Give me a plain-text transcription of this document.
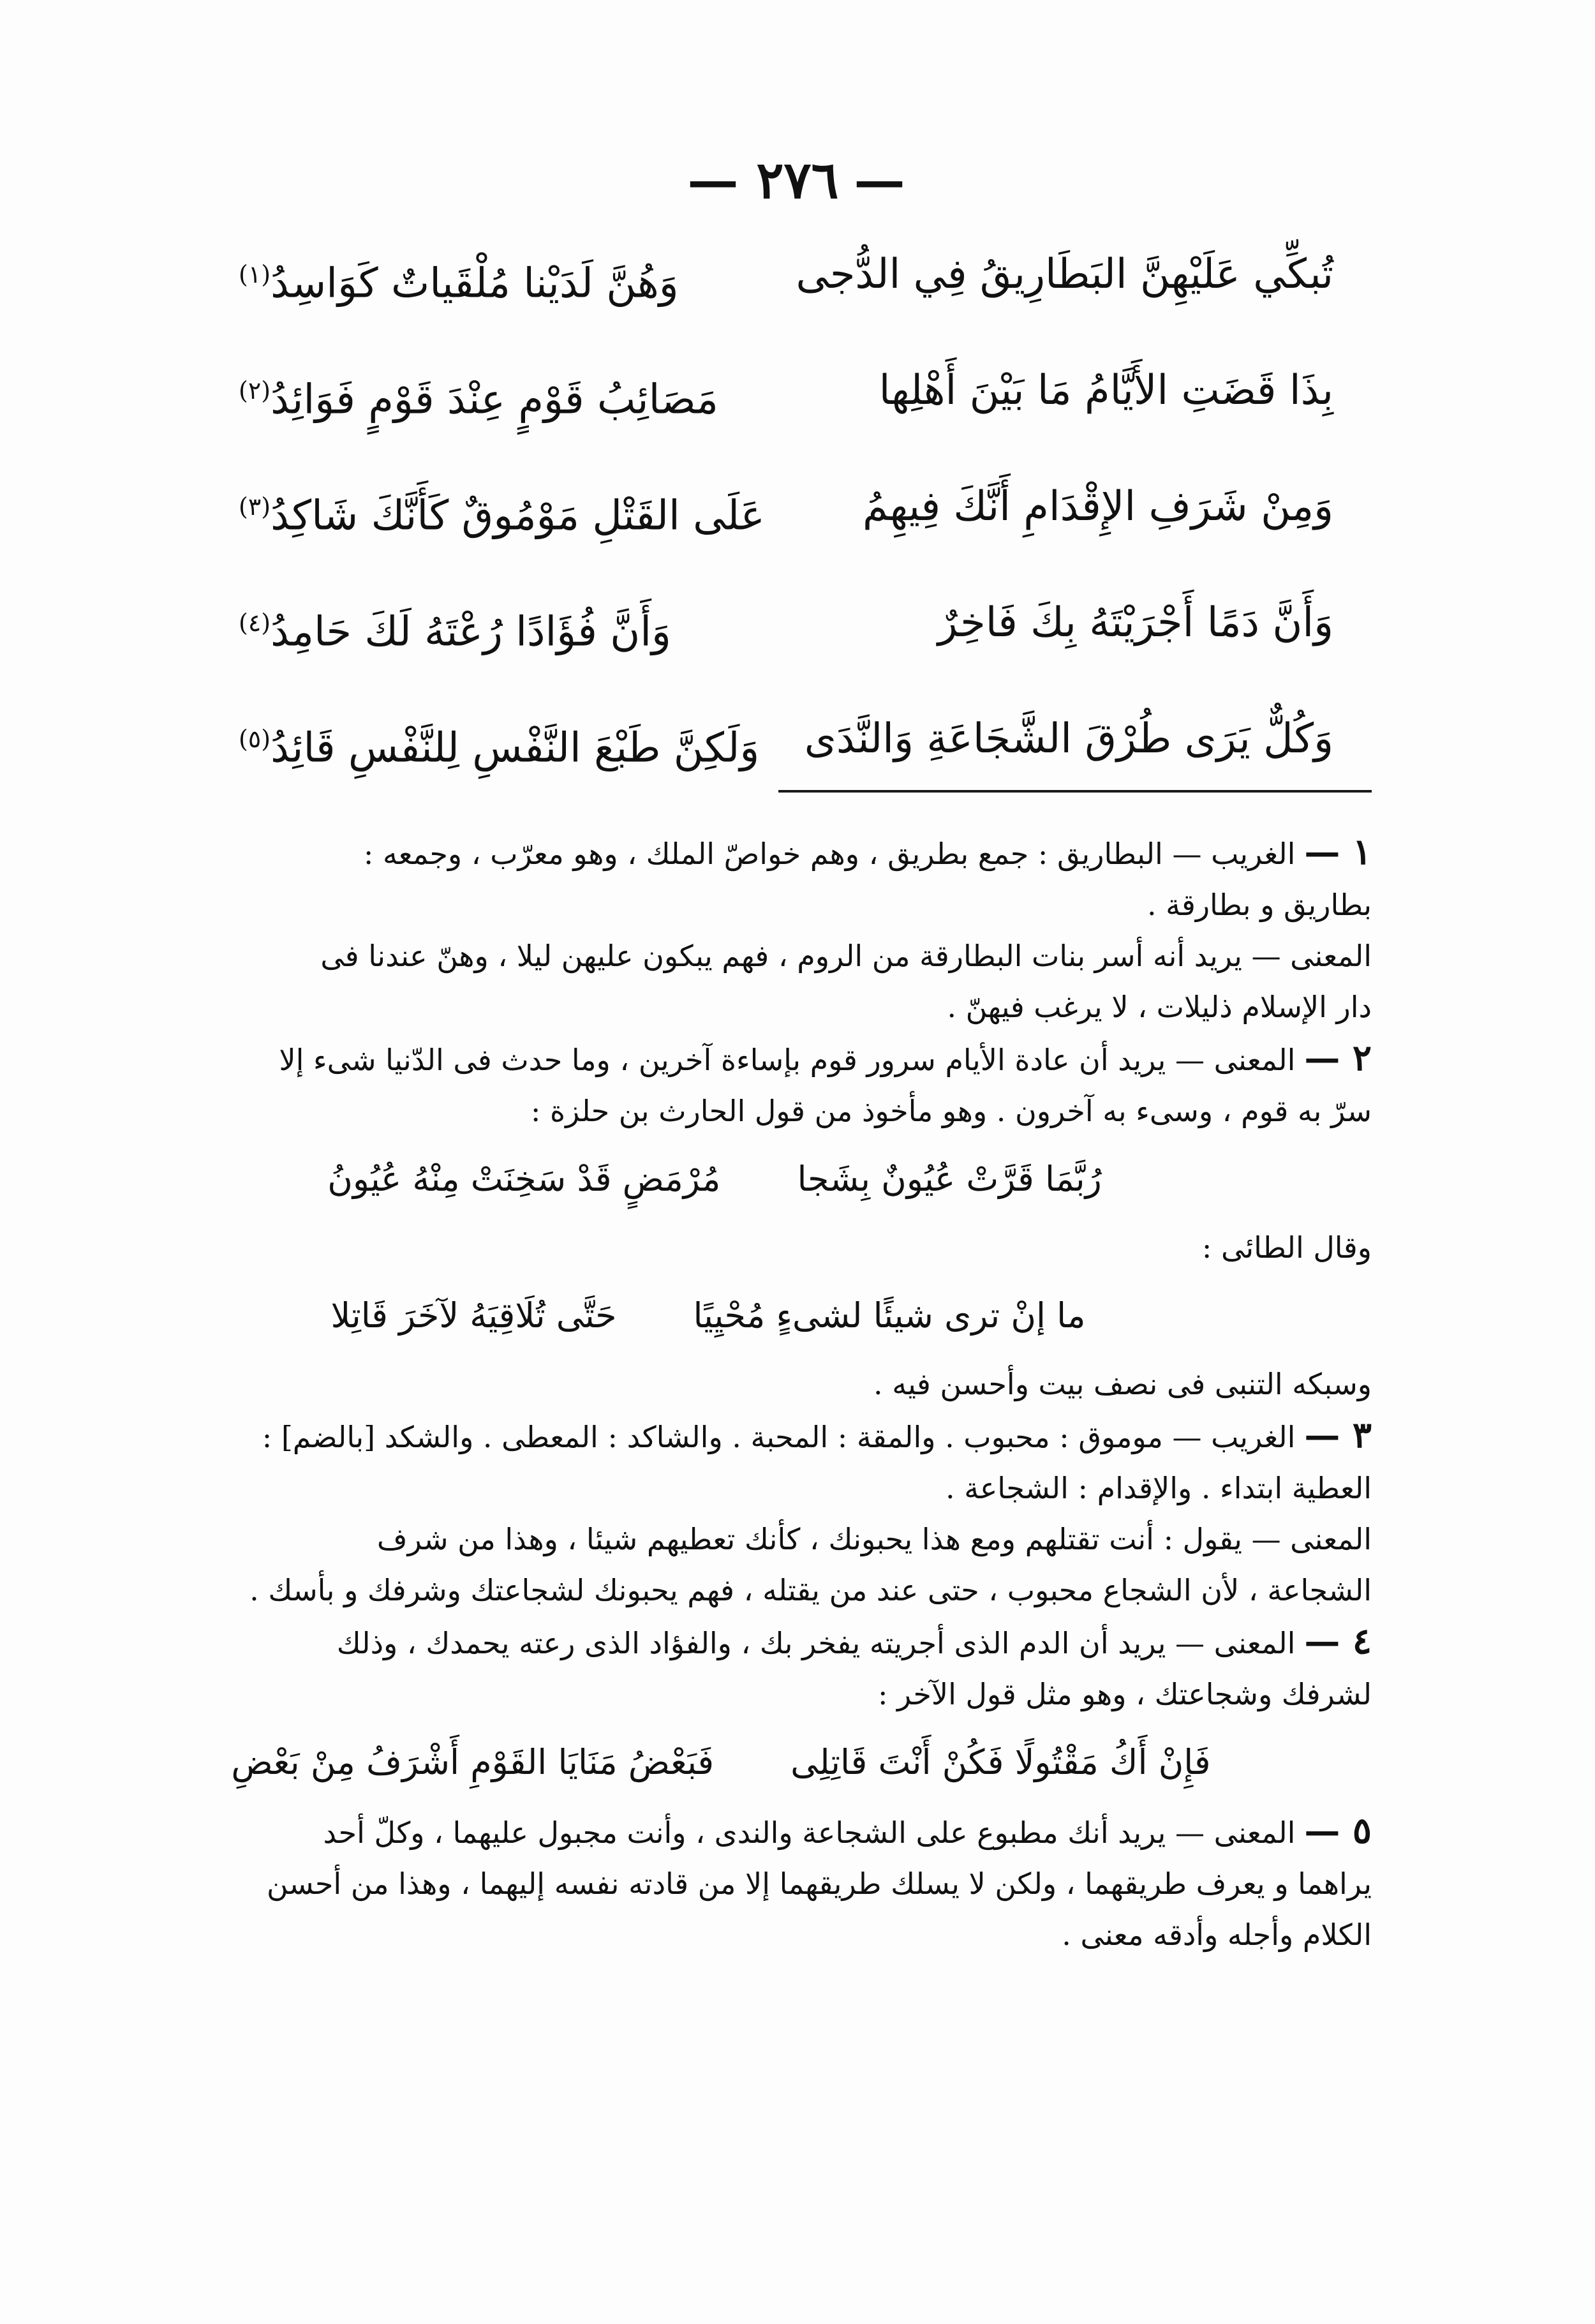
—٢٧٦—
تُبكِّي عَلَيْهِنَّ البَطَارِيقُ فِي الدُّجى
وَهُنَّ لَدَيْنا مُلْقَياتٌ كَوَاسِدُ$^{(١)}$
بِذَا قَضَتِ الأَيَّامُ مَا بَيْنَ أَهْلِها
مَصَائِبُ قَوْمٍ عِنْدَ قَوْمٍ فَوَائِدُ$^{(٢)}$
وَمِنْ شَرَفِ الإِقْدَامِ أَنَّكَ فِيهِمُ
عَلَى القَتْلِ مَوْمُوقٌ كَأَنَّكَ شَاكِدُ$^{(٣)}$
وَأَنَّ دَمًا أَجْرَيْتَهُ بِكَ فَاخِرٌ
وَأَنَّ فُؤَادًا رُعْتَهُ لَكَ حَامِدُ$^{(٤)}$
وَكُلٌّ يَرَى طُرْقَ الشَّجَاعَةِ وَالنَّدَى
وَلَكِنَّ طَبْعَ النَّفْسِ لِلنَّفْسِ قَائِدُ$^{(٥)}$
١ —الغريب — البطاريق : جمع بطريق ، وهم خواصّ الملك ، وهو معرّب ، وجمعه :
بطاريق و بطارقة .
المعنى — يريد أنه أسر بنات البطارقة من الروم ، فهم يبكون عليهن ليلا ، وهنّ عندنا فى
دار الإسلام ذليلات ، لا يرغب فيهنّ .
٢ —المعنى — يريد أن عادة الأيام سرور قوم بإساءة آخرين ، وما حدث فى الدّنيا شىء إلا
سرّ به قوم ، وسىء به آخرون . وهو مأخوذ من قول الحارث بن حلزة :
رُبَّمَا قَرَّتْ عُيُونٌ بِشَجا
مُرْمَضٍ قَدْ سَخِنَتْ مِنْهُ عُيُونُ
وقال الطائى :
ما إنْ ترى شيئًا لشىءٍ مُحْيِيًا
حَتَّى تُلَاقِيَهُ لآخَرَ قَاتِلا
وسبكه التنبى فى نصف بيت وأحسن فيه .
٣ —الغريب — موموق : محبوب . والمقة : المحبة . والشاكد : المعطى . والشكد [بالضم] :
العطية ابتداء . والإقدام : الشجاعة .
المعنى — يقول : أنت تقتلهم ومع هذا يحبونك ، كأنك تعطيهم شيئا ، وهذا من شرف
الشجاعة ، لأن الشجاع محبوب ، حتى عند من يقتله ، فهم يحبونك لشجاعتك وشرفك و بأسك .
٤ —المعنى — يريد أن الدم الذى أجريته يفخر بك ، والفؤاد الذى رعته يحمدك ، وذلك
لشرفك وشجاعتك ، وهو مثل قول الآخر :
فَإِنْ أَكُ مَقْتُولًا فَكُنْ أَنْتَ قَاتِلِى
فَبَعْضُ مَنَايَا القَوْمِ أَشْرَفُ مِنْ بَعْضِ
٥ —المعنى — يريد أنك مطبوع على الشجاعة والندى ، وأنت مجبول عليهما ، وكلّ أحد
يراهما و يعرف طريقهما ، ولكن لا يسلك طريقهما إلا من قادته نفسه إليهما ، وهذا من أحسن
الكلام وأجله وأدقه معنى .
